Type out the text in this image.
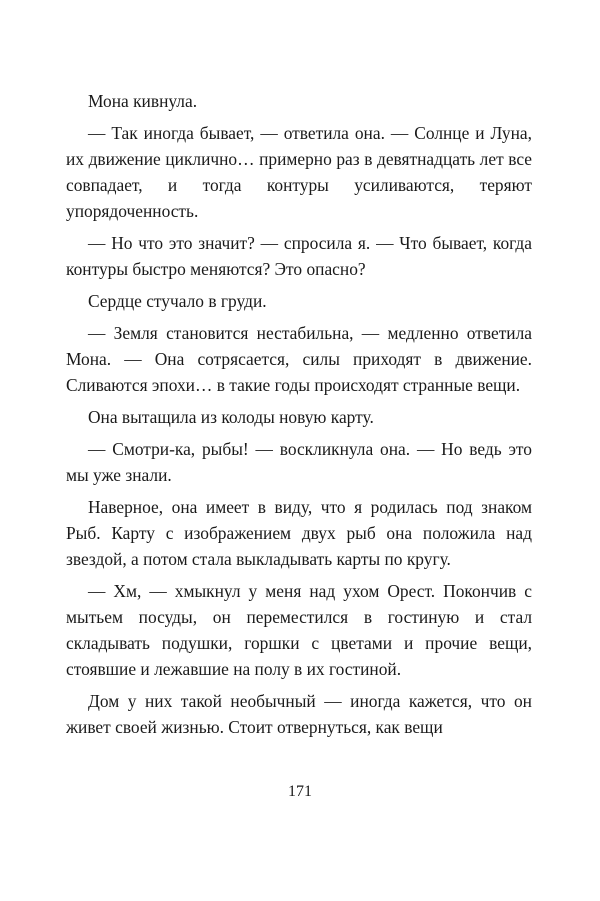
Мона кивнула.

— Так иногда бывает, — ответила она. — Солнце и Луна, их движение циклично… примерно раз в девятнадцать лет все совпадает, и тогда контуры усиливаются, теряют упорядоченность.

— Но что это значит? — спросила я. — Что бывает, когда контуры быстро меняются? Это опасно?

Сердце стучало в груди.

— Земля становится нестабильна, — медленно ответила Мона. — Она сотрясается, силы приходят в движение. Сливаются эпохи… в такие годы происходят странные вещи.

Она вытащила из колоды новую карту.

— Смотри-ка, рыбы! — воскликнула она. — Но ведь это мы уже знали.

Наверное, она имеет в виду, что я родилась под знаком Рыб. Карту с изображением двух рыб она положила над звездой, а потом стала выкладывать карты по кругу.

— Хм, — хмыкнул у меня над ухом Орест. Покончив с мытьем посуды, он переместился в гостиную и стал складывать подушки, горшки с цветами и прочие вещи, стоявшие и лежавшие на полу в их гостиной.

Дом у них такой необычный — иногда кажется, что он живет своей жизнью. Стоит отвернуться, как вещи

171
